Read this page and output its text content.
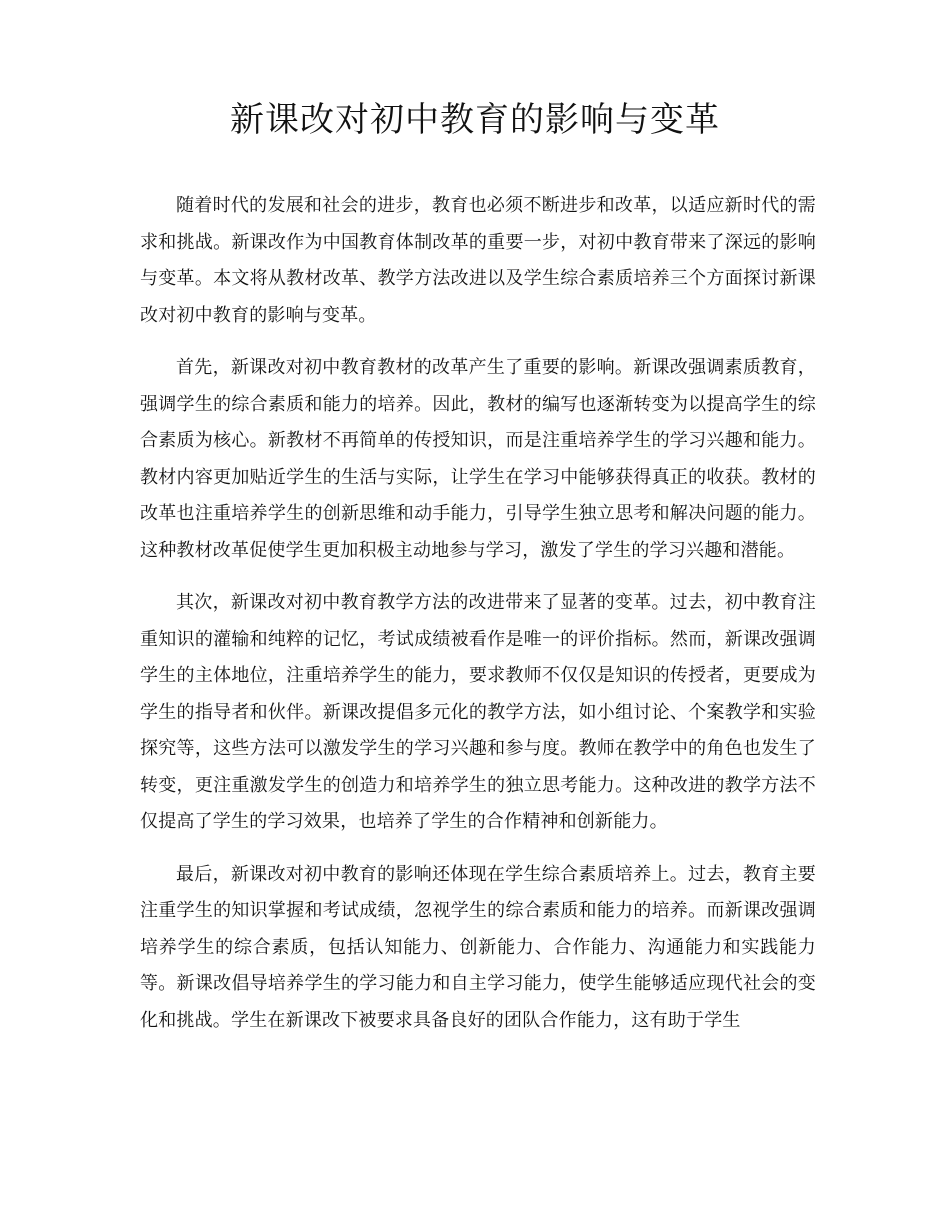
新课改对初中教育的影响与变革

随着时代的发展和社会的进步，教育也必须不断进步和改革，以适应新时代的需求和挑战。新课改作为中国教育体制改革的重要一步，对初中教育带来了深远的影响与变革。本文将从教材改革、教学方法改进以及学生综合素质培养三个方面探讨新课改对初中教育的影响与变革。

首先，新课改对初中教育教材的改革产生了重要的影响。新课改强调素质教育，强调学生的综合素质和能力的培养。因此，教材的编写也逐渐转变为以提高学生的综合素质为核心。新教材不再简单的传授知识，而是注重培养学生的学习兴趣和能力。教材内容更加贴近学生的生活与实际，让学生在学习中能够获得真正的收获。教材的改革也注重培养学生的创新思维和动手能力，引导学生独立思考和解决问题的能力。这种教材改革促使学生更加积极主动地参与学习，激发了学生的学习兴趣和潜能。

其次，新课改对初中教育教学方法的改进带来了显著的变革。过去，初中教育注重知识的灌输和纯粹的记忆，考试成绩被看作是唯一的评价指标。然而，新课改强调学生的主体地位，注重培养学生的能力，要求教师不仅仅是知识的传授者，更要成为学生的指导者和伙伴。新课改提倡多元化的教学方法，如小组讨论、个案教学和实验探究等，这些方法可以激发学生的学习兴趣和参与度。教师在教学中的角色也发生了转变，更注重激发学生的创造力和培养学生的独立思考能力。这种改进的教学方法不仅提高了学生的学习效果，也培养了学生的合作精神和创新能力。

最后，新课改对初中教育的影响还体现在学生综合素质培养上。过去，教育主要注重学生的知识掌握和考试成绩，忽视学生的综合素质和能力的培养。而新课改强调培养学生的综合素质，包括认知能力、创新能力、合作能力、沟通能力和实践能力等。新课改倡导培养学生的学习能力和自主学习能力，使学生能够适应现代社会的变化和挑战。学生在新课改下被要求具备良好的团队合作能力，这有助于学生
